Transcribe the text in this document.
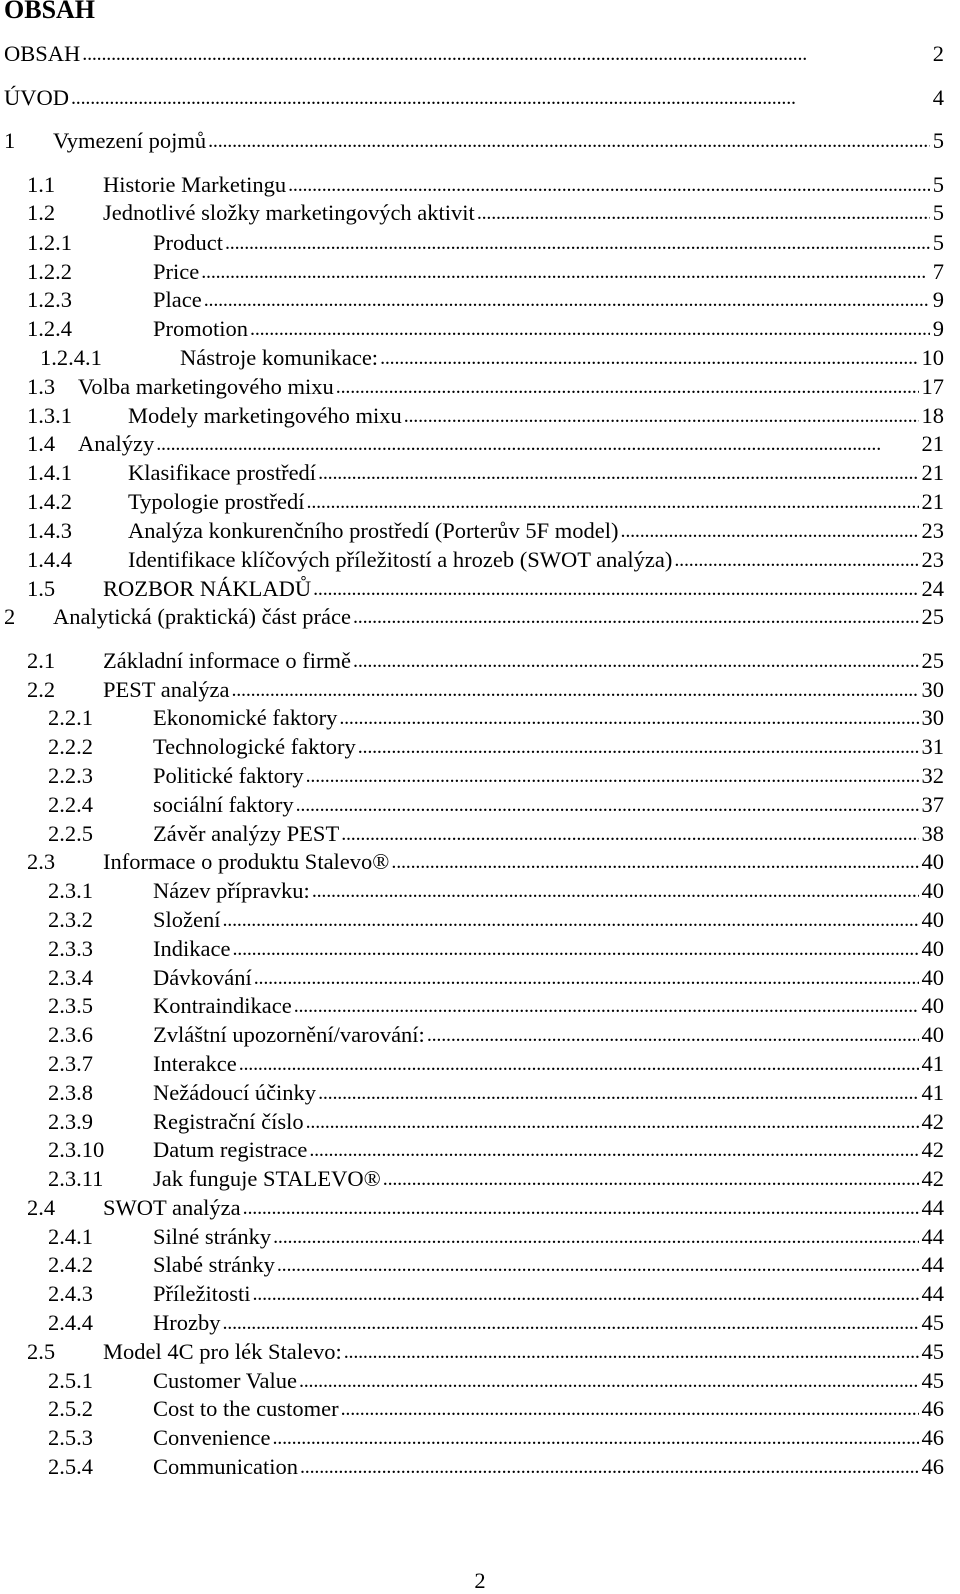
OBSAH
OBSAH . . .	2
ÚVOD . . .	4
1 Vymezení pojmů . . .	5
1.1 Historie Marketingu . . .	5
1.2 Jednotlivé složky marketingových aktivit . . .	5
1.2.1	Product . . .	5
1.2.2	Price . . .	7
1.2.3	Place . . .	9
1.2.4	Promotion . . .	9
1.2.4.1	Nástroje komunikace: . . .	10
1.3 Volba marketingového mixu . . .	17
1.3.1 Modely marketingového mixu . . .	18
1.4 Analýzy . . .	21
1.4.1 Klasifikace prostředí . . .	21
1.4.2 Typologie prostředí . . .	21
1.4.3 Analýza konkurenčního prostředí (Porterův 5F model) . . .	23
1.4.4 Identifikace klíčových příležitostí a hrozeb (SWOT analýza) . . .	23
1.5 ROZBOR NÁKLADŮ . . .	24
2 Analytická (praktická) část práce . . .	25
2.1 Základní informace o firmě . . .	25
2.2 PEST analýza . . .	30
2.2.1	Ekonomické faktory . . .	30
2.2.2	Technologické faktory . . .	31
2.2.3	Politické faktory . . .	32
2.2.4	sociální faktory . . .	37
2.2.5	Závěr analýzy PEST . . .	38
2.3 Informace o produktu Stalevo® . . .	40
2.3.1	Název přípravku: . . .	40
2.3.2	Složení . . .	40
2.3.3	Indikace . . .	40
2.3.4	Dávkování . . .	40
2.3.5	Kontraindikace . . .	40
2.3.6	Zvláštní upozornění/varování: . . .	40
2.3.7	Interakce . . .	41
2.3.8	Nežádoucí účinky . . .	41
2.3.9	Registrační číslo . . .	42
2.3.10 Datum registrace . . .	42
2.3.11 Jak funguje STALEVO® . . .	42
2.4 SWOT analýza . . .	44
2.4.1	Silné stránky . . .	44
2.4.2	Slabé stránky . . .	44
2.4.3	Příležitosti . . .	44
2.4.4	Hrozby . . .	45
2.5 Model 4C pro lék Stalevo: . . .	45
2.5.1	Customer Value . . .	45
2.5.2	Cost to the customer . . .	46
2.5.3	Convenience . . .	46
2.5.4	Communication . . .	46
2
